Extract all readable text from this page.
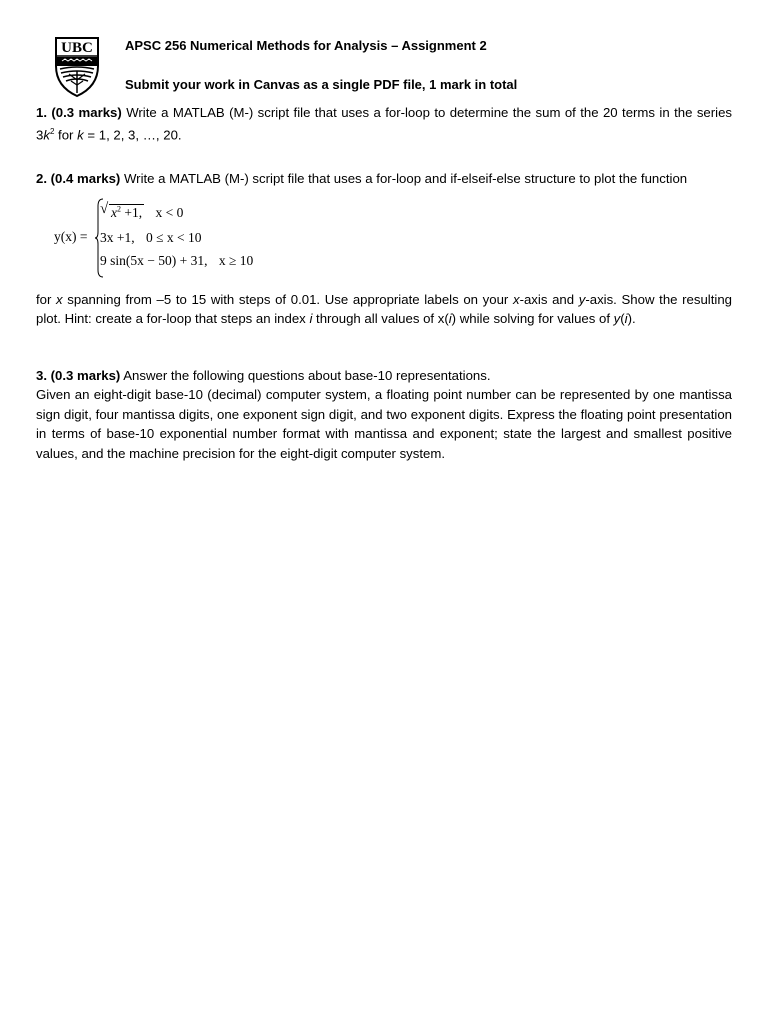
UBC APSC 256 Numerical Methods for Analysis – Assignment 2
Submit your work in Canvas as a single PDF file, 1 mark in total
1. (0.3 marks) Write a MATLAB (M-) script file that uses a for-loop to determine the sum of the 20 terms in the series $3k^2$ for k = 1, 2, 3, …, 20.
2. (0.4 marks) Write a MATLAB (M-) script file that uses a for-loop and if-elseif-else structure to plot the function
y(x) =
√ $x^2 +1$, x < 0
3x +1, 0 ≤ x < 10
9 sin(5x − 50) + 31, x ≥ 10
for x spanning from –5 to 15 with steps of 0.01. Use appropriate labels on your x-axis and y-axis. Show the resulting plot. Hint: create a for-loop that steps an index i through all values of x(i) while solving for values of y(i).
3. (0.3 marks) Answer the following questions about base-10 representations.
Given an eight-digit base-10 (decimal) computer system, a floating point number can be represented by one mantissa sign digit, four mantissa digits, one exponent sign digit, and two exponent digits. Express the floating point presentation in terms of base-10 exponential number format with mantissa and exponent; state the largest and smallest positive values, and the machine precision for the eight-digit computer system.
